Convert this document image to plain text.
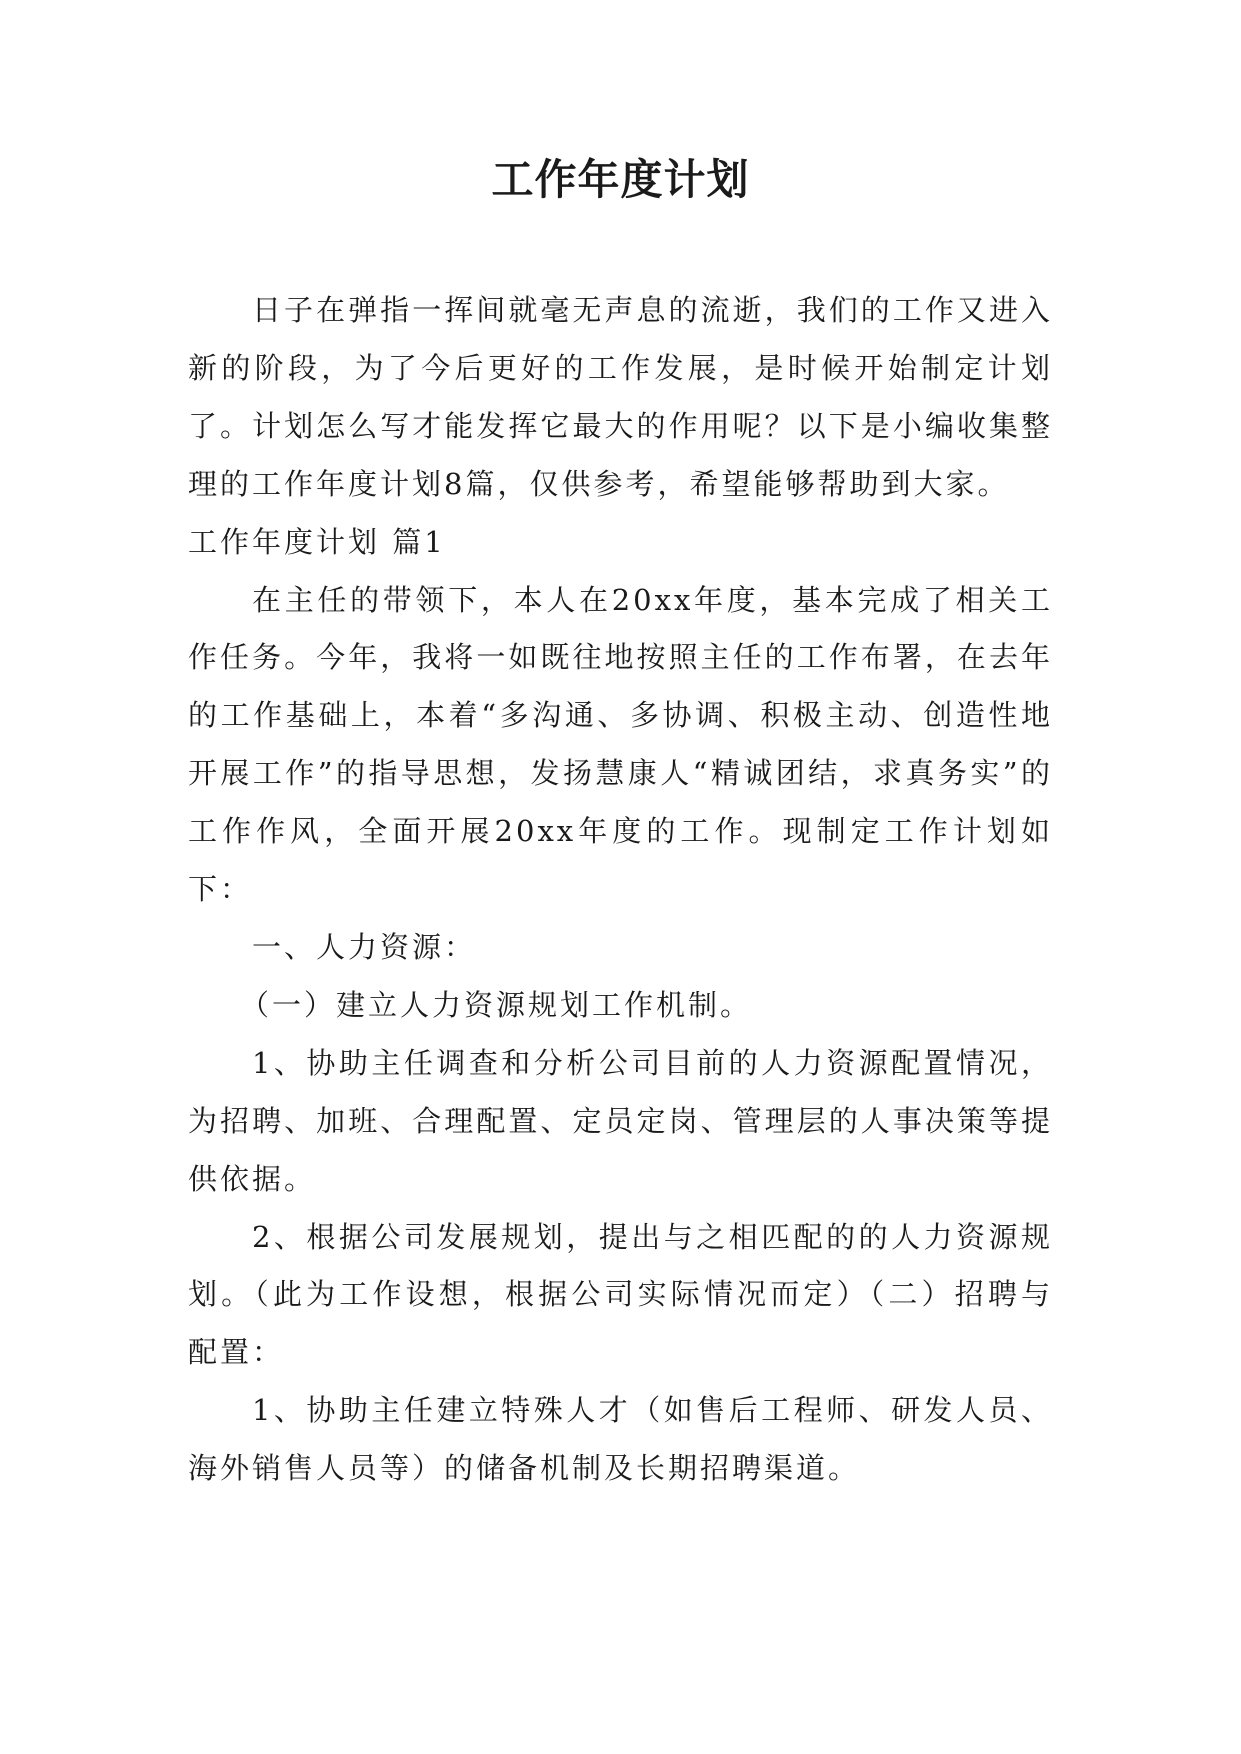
工作年度计划

日子在弹指一挥间就毫无声息的流逝，我们的工作又进入新的阶段，为了今后更好的工作发展，是时候开始制定计划了。计划怎么写才能发挥它最大的作用呢？以下是小编收集整理的工作年度计划8篇，仅供参考，希望能够帮助到大家。

工作年度计划 篇1

在主任的带领下，本人在20xx年度，基本完成了相关工作任务。今年，我将一如既往地按照主任的工作布署，在去年的工作基础上，本着“多沟通、多协调、积极主动、创造性地开展工作”的指导思想，发扬慧康人“精诚团结，求真务实”的工作作风，全面开展20xx年度的工作。现制定工作计划如下：

一、人力资源：

（一）建立人力资源规划工作机制。

1、协助主任调查和分析公司目前的人力资源配置情况，为招聘、加班、合理配置、定员定岗、管理层的人事决策等提供依据。

2、根据公司发展规划，提出与之相匹配的的人力资源规划。（此为工作设想，根据公司实际情况而定）（二）招聘与配置：

1、协助主任建立特殊人才（如售后工程师、研发人员、海外销售人员等）的储备机制及长期招聘渠道。
